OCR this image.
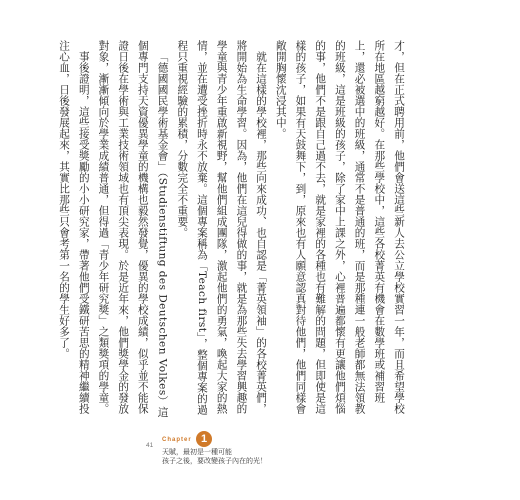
才，但在正式聘用前，他們會送這些新人去公立學校實習一年，而且希望學校所在地區越窮越好。在那些學校中，這些各校菁英有機會在數學班或補習班上，還必被選中的班級，通常不是普通的班，而是那種連一般老師都無法領教的班級，這是班級的孩子，除了家中上課之外，心裡普遍都懷有更讓他們煩惱的事，他們不是跟自己過不去，就是家裡的各種也有難解的問題，但即使是這樣的孩子，如果有天鼓舞下，到，原來也有人願意認真對待他們，他們同樣會敞開胸懷沈浸其中。

就在這樣的學校裡，那些向來成功、也自認是「菁英領袖」的各校菁英們，將開始為生命學習。因為，他們在這兒得做的事，就是為那些失去學習興趣的學童與青少年重啟新視野，幫他們組成團隊，激起他們的勇氣，喚起大家的熱情，並在遭受挫折時永不放棄。這個專案稱為「Teach first」，整個專案的過程只重視經驗的累積，分數完全不重要。

「德國國民學術基金會」（Studienstiftung des Deutschen Volkes）這個專門支持天資優異學童的機構也毅然發覺，優異的學校成績，似乎並不能保證日後在學術與工業技術領域也有頂尖表現。於是近年來，他們獎學金的發放對象，漸漸傾向於學業成績普通，但得過「青少年研究獎」之類獎項的學童。

事後證明，這些接受獎勵的小小研究家，帶著他們受鐵研苦思的精神繼續投注心血，日後發展起來，其實比那些只會考第一名的學生好多了。

41
Chapter 1
天賦，最初是一種可能
孩子之後，要改變孩子內在的光！
